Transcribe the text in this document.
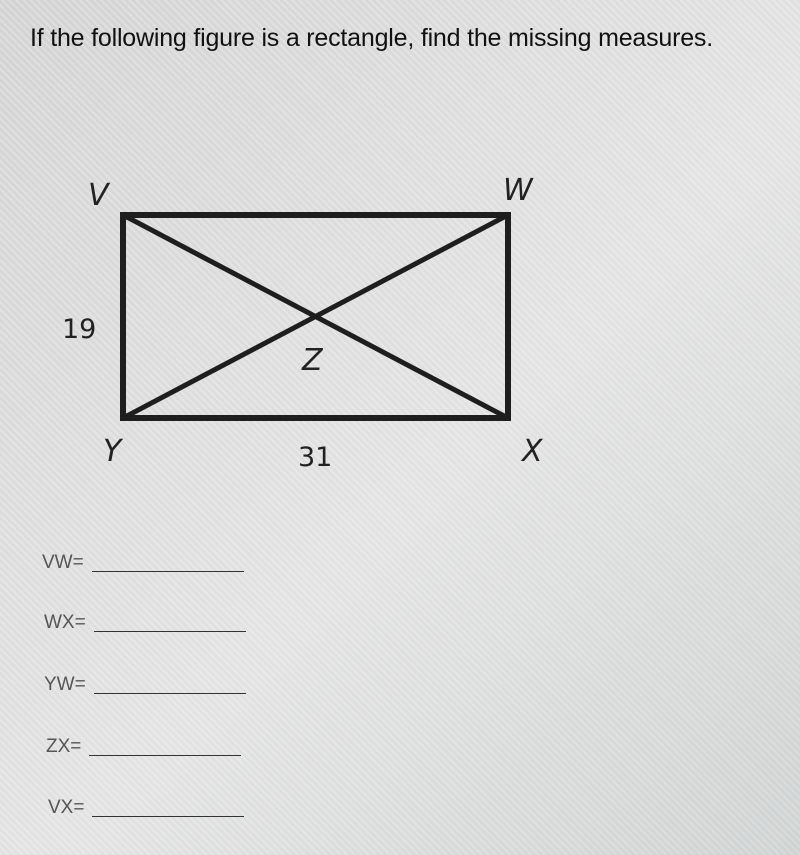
If the following figure is a rectangle, find the missing measures.
V	W
Y	X
Z
19
31
VW=
WX=
YW=
ZX=
VX=
